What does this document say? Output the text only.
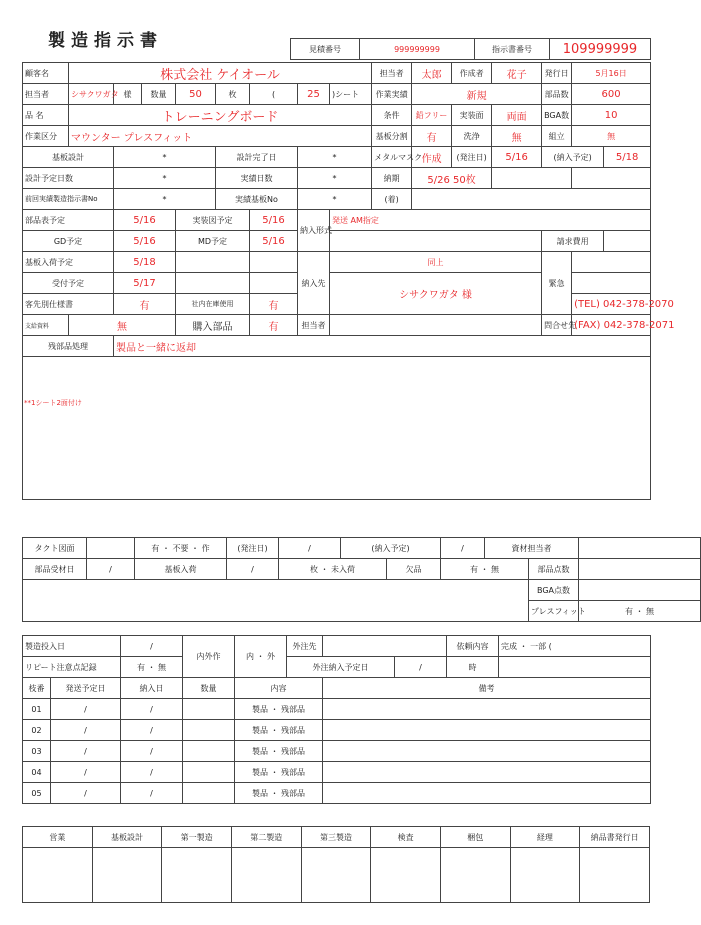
製造指示書	見積番号	999999999	指示書番号	109999999
顧客名	株式会社 ケイオール								担当者	太郎	作成者	花子	発行日	5月16日	
担当者	シサクワガタ	様	数量	50	枚	(	25	)シート	作業実績	新規			部品数	600	
品 名	トレーニングボード								条件	鉛フリー	実装面	両面	BGA数	10	
作業区分	マウンター プレスフィット								基板分割	有	洗浄	無	組立	無	
基板設計		*			設計完了日		*		メタルマスク	作成	(発注日)	5/16	(納入予定)		5/18
設計予定日数		*			実績日数		*		納期	5/26 50枚					
前回実績製造指示書No		*			実績基板No		*		(着)						
部品表予定		5/16		実装図予定		5/16	納入形式	発送 AM指定							
GD予定		5/16		MD予定		5/16							請求費用		
基板入荷予定		5/18					納入先	同上					緊急		
受付予定		5/17						シサクワガタ 様							
客先別仕様書		有		社内在庫使用		有								(TEL) 042-378-2070	
支給資料	無			購入部品		有	担当者						問合せ先	(FAX) 042-378-2071	
残部品処理		製品と一緒に返却													

**1シート2面付け
タクト図面		有 ・ 不要 ・ 作	(発注日)	/	(納入予定)		/	資材担当者		
部品受材日	/	基板入荷	/	枚 ・ 未入荷		欠品	有 ・ 無		部品点数	
									BGA点数	
									プレスフィット	有 ・ 無
製造投入日		/	内外作	内 ・ 外	外注先			依頼内容	完成 ・ 一部 (
リピート注意点記録		有 ・ 無			外注納入予定日		/	時	
枝番	発送予定日	納入日	数量	内容		備考			
01	/	/		製品 ・ 残部品					
02	/	/		製品 ・ 残部品					
03	/	/		製品 ・ 残部品					
04	/	/		製品 ・ 残部品					
05	/	/		製品 ・ 残部品					
営業	基板設計	第一製造	第二製造	第三製造	検査	梱包	経理	納品書発行日
